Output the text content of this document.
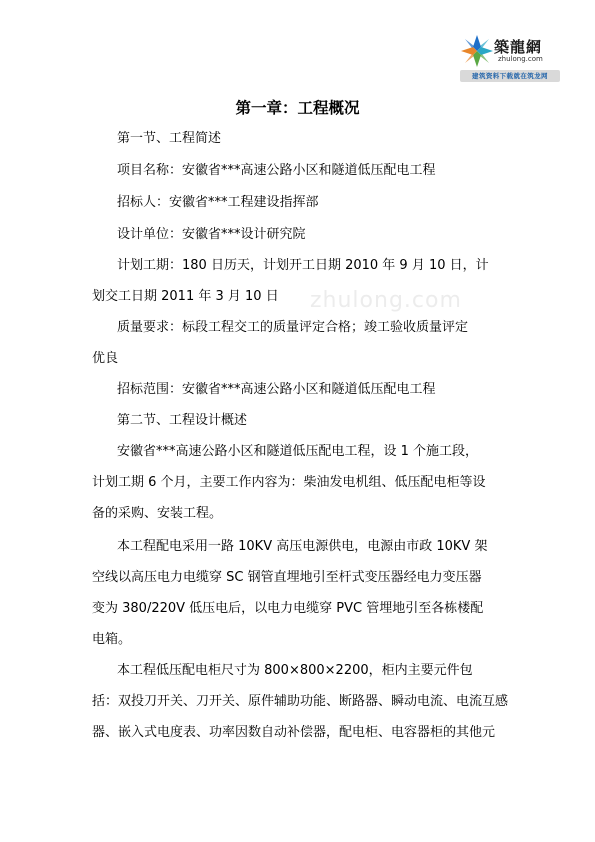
築龍網
zhulong.com
建筑资料下载就在筑龙网
zhulong.com
第一章：工程概况
第一节、工程简述
项目名称：安徽省***高速公路小区和隧道低压配电工程
招标人：安徽省***工程建设指挥部
设计单位：安徽省***设计研究院
计划工期：180 日历天，计划开工日期 2010 年 9 月 10 日，计
划交工日期 2011 年 3 月 10 日
质量要求：标段工程交工的质量评定合格；竣工验收质量评定
优良
招标范围：安徽省***高速公路小区和隧道低压配电工程
第二节、工程设计概述
安徽省***高速公路小区和隧道低压配电工程，设 1 个施工段，
计划工期 6 个月，主要工作内容为：柴油发电机组、低压配电柜等设
备的采购、安装工程。
本工程配电采用一路 10KV 高压电源供电，电源由市政 10KV 架
空线以高压电力电缆穿 SC 钢管直埋地引至杆式变压器经电力变压器
变为 380/220V 低压电后，以电力电缆穿 PVC 管埋地引至各栋楼配
电箱。
本工程低压配电柜尺寸为 800×800×2200，柜内主要元件包
括：双投刀开关、刀开关、原件辅助功能、断路器、瞬动电流、电流互感
器、嵌入式电度表、功率因数自动补偿器，配电柜、电容器柜的其他元
